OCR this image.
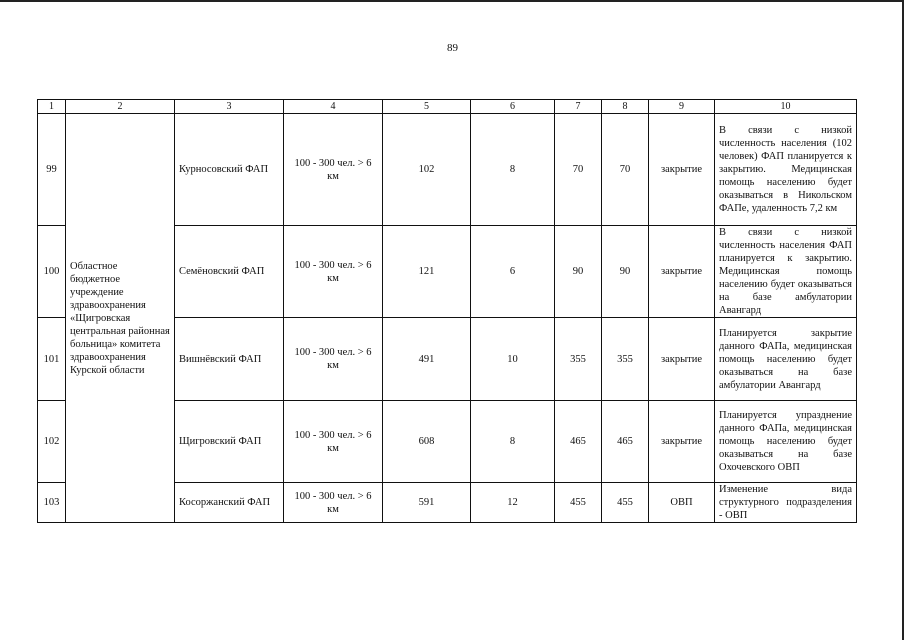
89
1	2	3	4	5	6	7	8	9	10
99	Областное бюджетное учреждение здравоохранения «Щигровская центральная районная больница» комитета здравоохранения Курской области	Курносовский ФАП	100 - 300 чел. > 6 км	102	8	70	70	закрытие	В связи с низкой численность населения (102 человек) ФАП планируется к закрытию. Медицинская помощь населению будет оказываться в Никольском ФАПе, удаленность 7,2 км
100		Семёновский ФАП	100 - 300 чел. > 6 км	121	6	90	90	закрытие	В связи с низкой численность населения ФАП планируется к закрытию. Медицинская помощь населению будет оказываться на базе амбулатории Авангард
101		Вишнёвский ФАП	100 - 300 чел. > 6 км	491	10	355	355	закрытие	Планируется закрытие данного ФАПа, медицинская помощь населению будет оказываться на базе амбулатории Авангард
102		Щигровский ФАП	100 - 300 чел. > 6 км	608	8	465	465	закрытие	Планируется упразднение данного ФАПа, медицинская помощь населению будет оказываться на базе Охочевского ОВП
103		Косоржанский ФАП	100 - 300 чел. > 6 км	591	12	455	455	ОВП	Изменение вида структурного подразделения - ОВП
